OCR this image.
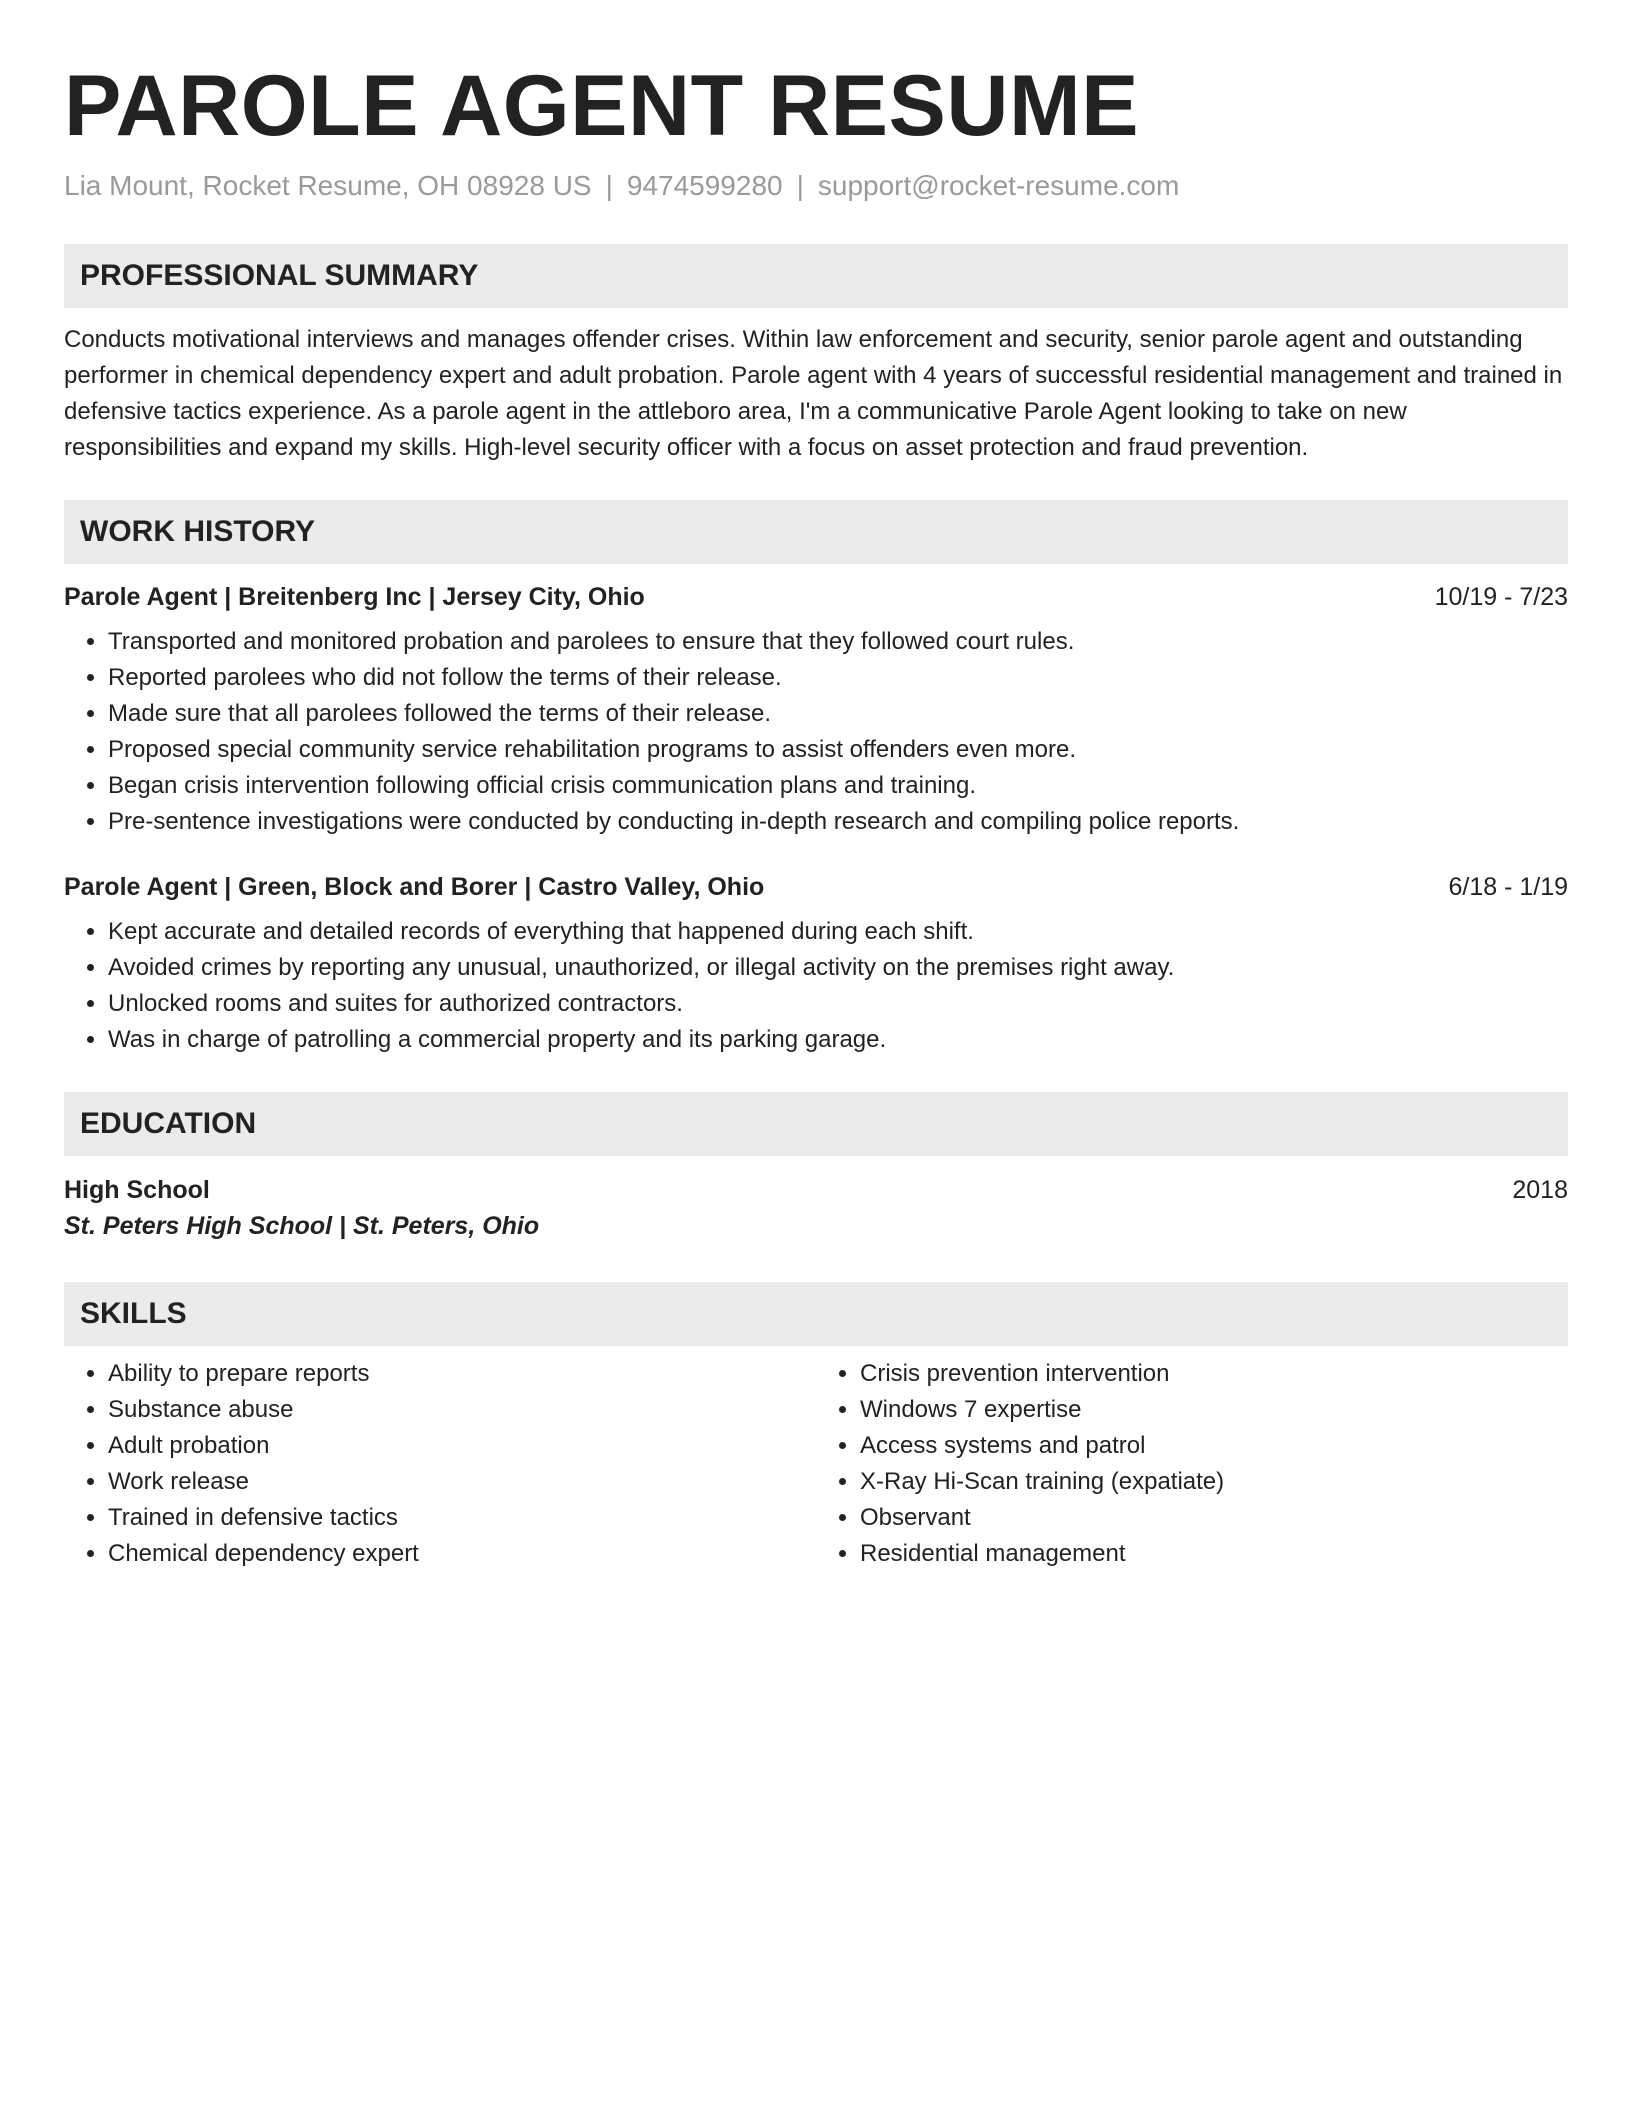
PAROLE AGENT RESUME
Lia Mount, Rocket Resume, OH 08928 US | 9474599280 | support@rocket-resume.com
PROFESSIONAL SUMMARY

Conducts motivational interviews and manages offender crises. Within law enforcement and security, senior parole agent and outstanding performer in chemical dependency expert and adult probation. Parole agent with 4 years of successful residential management and trained in defensive tactics experience. As a parole agent in the attleboro area, I'm a communicative Parole Agent looking to take on new responsibilities and expand my skills. High-level security officer with a focus on asset protection and fraud prevention.

WORK HISTORY
Parole Agent | Breitenberg Inc | Jersey City, Ohio	10/19 - 7/23
• Transported and monitored probation and parolees to ensure that they followed court rules.
• Reported parolees who did not follow the terms of their release.
• Made sure that all parolees followed the terms of their release.
• Proposed special community service rehabilitation programs to assist offenders even more.
• Began crisis intervention following official crisis communication plans and training.
• Pre-sentence investigations were conducted by conducting in-depth research and compiling police reports.
Parole Agent | Green, Block and Borer | Castro Valley, Ohio	6/18 - 1/19
• Kept accurate and detailed records of everything that happened during each shift.
• Avoided crimes by reporting any unusual, unauthorized, or illegal activity on the premises right away.
• Unlocked rooms and suites for authorized contractors.
• Was in charge of patrolling a commercial property and its parking garage.
EDUCATION
High School	2018
St. Peters High School | St. Peters, Ohio
SKILLS
• Ability to prepare reports
• Substance abuse
• Adult probation
• Work release
• Trained in defensive tactics
• Chemical dependency expert
• Crisis prevention intervention
• Windows 7 expertise
• Access systems and patrol
• X-Ray Hi-Scan training (expatiate)
• Observant
• Residential management
